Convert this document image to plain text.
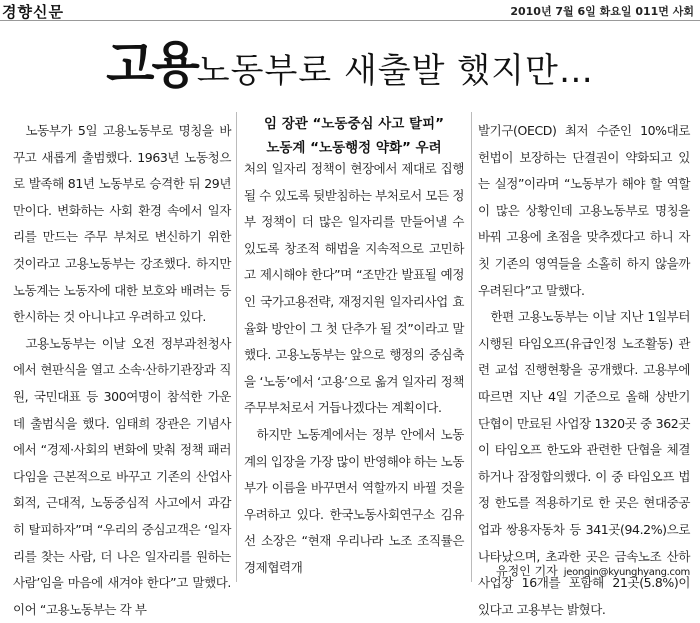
경향신문	2010년 7월 6일 화요일 011면 사회
고용노동부로 새출발 했지만…
임 장관 “노동중심 사고 탈피”
노동계 “노동행정 약화” 우려

노동부가 5일 고용노동부로 명칭을 바꾸고 새롭게 출범했다. 1963년 노동청으로 발족해 81년 노동부로 승격한 뒤 29년 만이다. 변화하는 사회 환경 속에서 일자리를 만드는 주무 부처로 변신하기 위한 것이라고 고용노동부는 강조했다. 하지만 노동계는 노동자에 대한 보호와 배려는 등한시하는 것 아니냐고 우려하고 있다.

고용노동부는 이날 오전 정부과천청사에서 현판식을 열고 소속·산하기관장과 직원, 국민대표 등 300여명이 참석한 가운데 출범식을 했다. 임태희 장관은 기념사에서 “경제·사회의 변화에 맞춰 정책 패러다임을 근본적으로 바꾸고 기존의 산업사회적, 근대적, 노동중심적 사고에서 과감히 탈피하자”며 “우리의 중심고객은 ‘일자리를 찾는 사람, 더 나은 일자리를 원하는 사람’임을 마음에 새겨야 한다”고 말했다. 이어 “고용노동부는 각 부

처의 일자리 정책이 현장에서 제대로 집행될 수 있도록 뒷받침하는 부처로서 모든 정부 정책이 더 많은 일자리를 만들어낼 수 있도록 창조적 해법을 지속적으로 고민하고 제시해야 한다”며 “조만간 발표될 예정인 국가고용전략, 재정지원 일자리사업 효율화 방안이 그 첫 단추가 될 것”이라고 말했다. 고용노동부는 앞으로 행정의 중심축을 ‘노동’에서 ‘고용’으로 옮겨 일자리 정책 주무부처로서 거듭나겠다는 계획이다.

하지만 노동계에서는 정부 안에서 노동계의 입장을 가장 많이 반영해야 하는 노동부가 이름을 바꾸면서 역할까지 바뀔 것을 우려하고 있다. 한국노동사회연구소 김유선 소장은 “현재 우리나라 노조 조직률은 경제협력개

발기구(OECD) 최저 수준인 10%대로 헌법이 보장하는 단결권이 약화되고 있는 실정”이라며 “노동부가 해야 할 역할이 많은 상황인데 고용노동부로 명칭을 바꿔 고용에 초점을 맞추겠다고 하니 자칫 기존의 영역들을 소홀히 하지 않을까 우려된다”고 말했다.

한편 고용노동부는 이날 지난 1일부터 시행된 타임오프(유급인정 노조활동) 관련 교섭 진행현황을 공개했다. 고용부에 따르면 지난 4일 기준으로 올해 상반기 단협이 만료된 사업장 1320곳 중 362곳이 타임오프 한도와 관련한 단협을 체결하거나 잠정합의했다. 이 중 타임오프 법정 한도를 적용하기로 한 곳은 현대중공업과 쌍용자동차 등 341곳(94.2%)으로 나타났으며, 초과한 곳은 금속노조 산하 사업장 16개를 포함해 21곳(5.8%)이 있다고 고용부는 밝혔다.

유정인 기자 jeongin@kyunghyang.com
